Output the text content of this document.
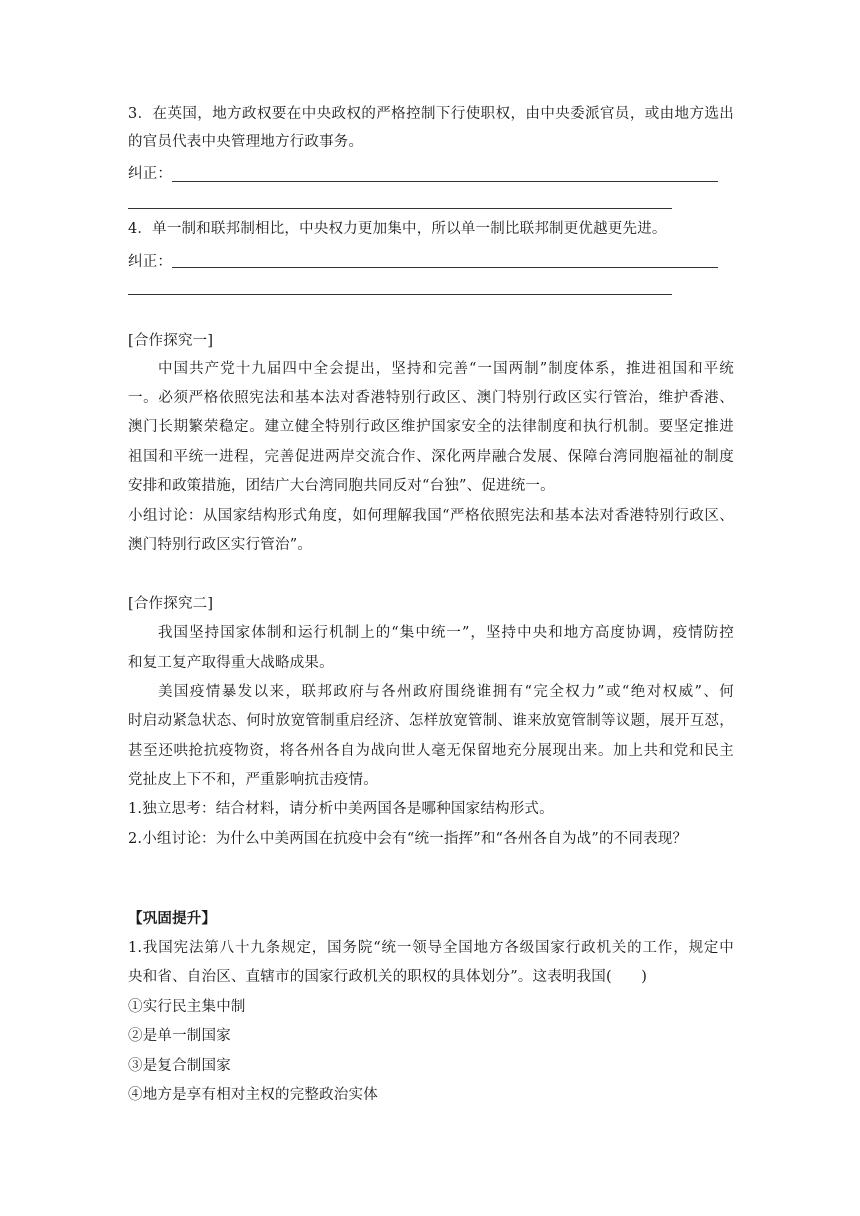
3．在英国，地方政权要在中央政权的严格控制下行使职权，由中央委派官员，或由地方选出
的官员代表中央管理地方行政事务。
纠正：
4．单一制和联邦制相比，中央权力更加集中，所以单一制比联邦制更优越更先进。
纠正：
[合作探究一]
中国共产党十九届四中全会提出，坚持和完善“一国两制”制度体系，推进祖国和平统
一。必须严格依照宪法和基本法对香港特别行政区、澳门特别行政区实行管治，维护香港、
澳门长期繁荣稳定。建立健全特别行政区维护国家安全的法律制度和执行机制。要坚定推进
祖国和平统一进程，完善促进两岸交流合作、深化两岸融合发展、保障台湾同胞福祉的制度
安排和政策措施，团结广大台湾同胞共同反对“台独”、促进统一。
小组讨论：从国家结构形式角度，如何理解我国“严格依照宪法和基本法对香港特别行政区、
澳门特别行政区实行管治”。
[合作探究二]
我国坚持国家体制和运行机制上的“集中统一”，坚持中央和地方高度协调，疫情防控
和复工复产取得重大战略成果。
美国疫情暴发以来，联邦政府与各州政府围绕谁拥有“完全权力”或“绝对权威”、何
时启动紧急状态、何时放宽管制重启经济、怎样放宽管制、谁来放宽管制等议题，展开互怼，
甚至还哄抢抗疫物资，将各州各自为战向世人毫无保留地充分展现出来。加上共和党和民主
党扯皮上下不和，严重影响抗击疫情。
1.独立思考：结合材料，请分析中美两国各是哪种国家结构形式。
2.小组讨论：为什么中美两国在抗疫中会有“统一指挥”和“各州各自为战”的不同表现？
【巩固提升】
1.我国宪法第八十九条规定，国务院“统一领导全国地方各级国家行政机关的工作，规定中
央和省、自治区、直辖市的国家行政机关的职权的具体划分”。这表明我国(　　)
①实行民主集中制
②是单一制国家
③是复合制国家
④地方是享有相对主权的完整政治实体
